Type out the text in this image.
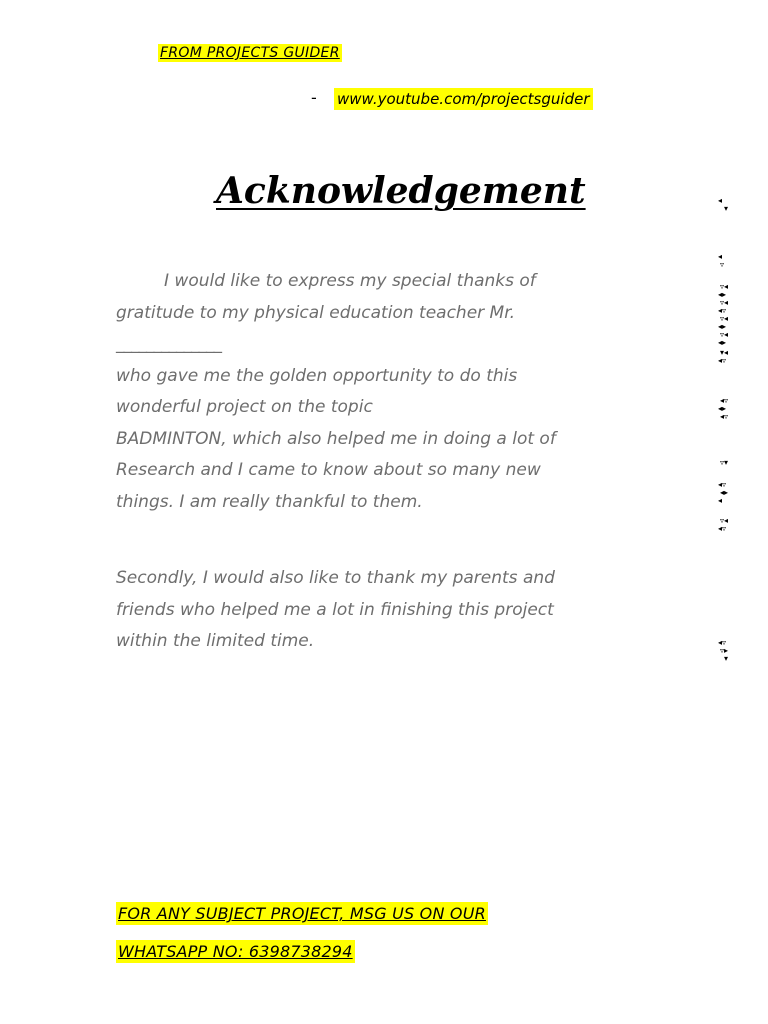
FROM PROJECTS GUIDER
- www.youtube.com/projectsguider
Acknowledgement
I would like to express my special thanks of
gratitude to my physical education teacher Mr.
______________
who gave me the golden opportunity to do this
wonderful project on the topic
BADMINTON, which also helped me in doing a lot of
Research and I came to know about so many new
things. I am really thankful to them.
Secondly, I would also like to thank my parents and
friends who helped me a lot in finishing this project
within the limited time.
FOR ANY SUBJECT PROJECT, MSG US ON OUR
WHATSAPP NO: 6398738294
◂
▾
◂
▿
▿◂
◂▸
▿◂
◂▿
▿◂
◂▸
▿◂
◂▸
▾◂
◂▿
◂▿
◂▸
◂▿
▿▾
◂▿
◂▸
◂
▿◂
◂▿
◂▿
▿▸
▾
